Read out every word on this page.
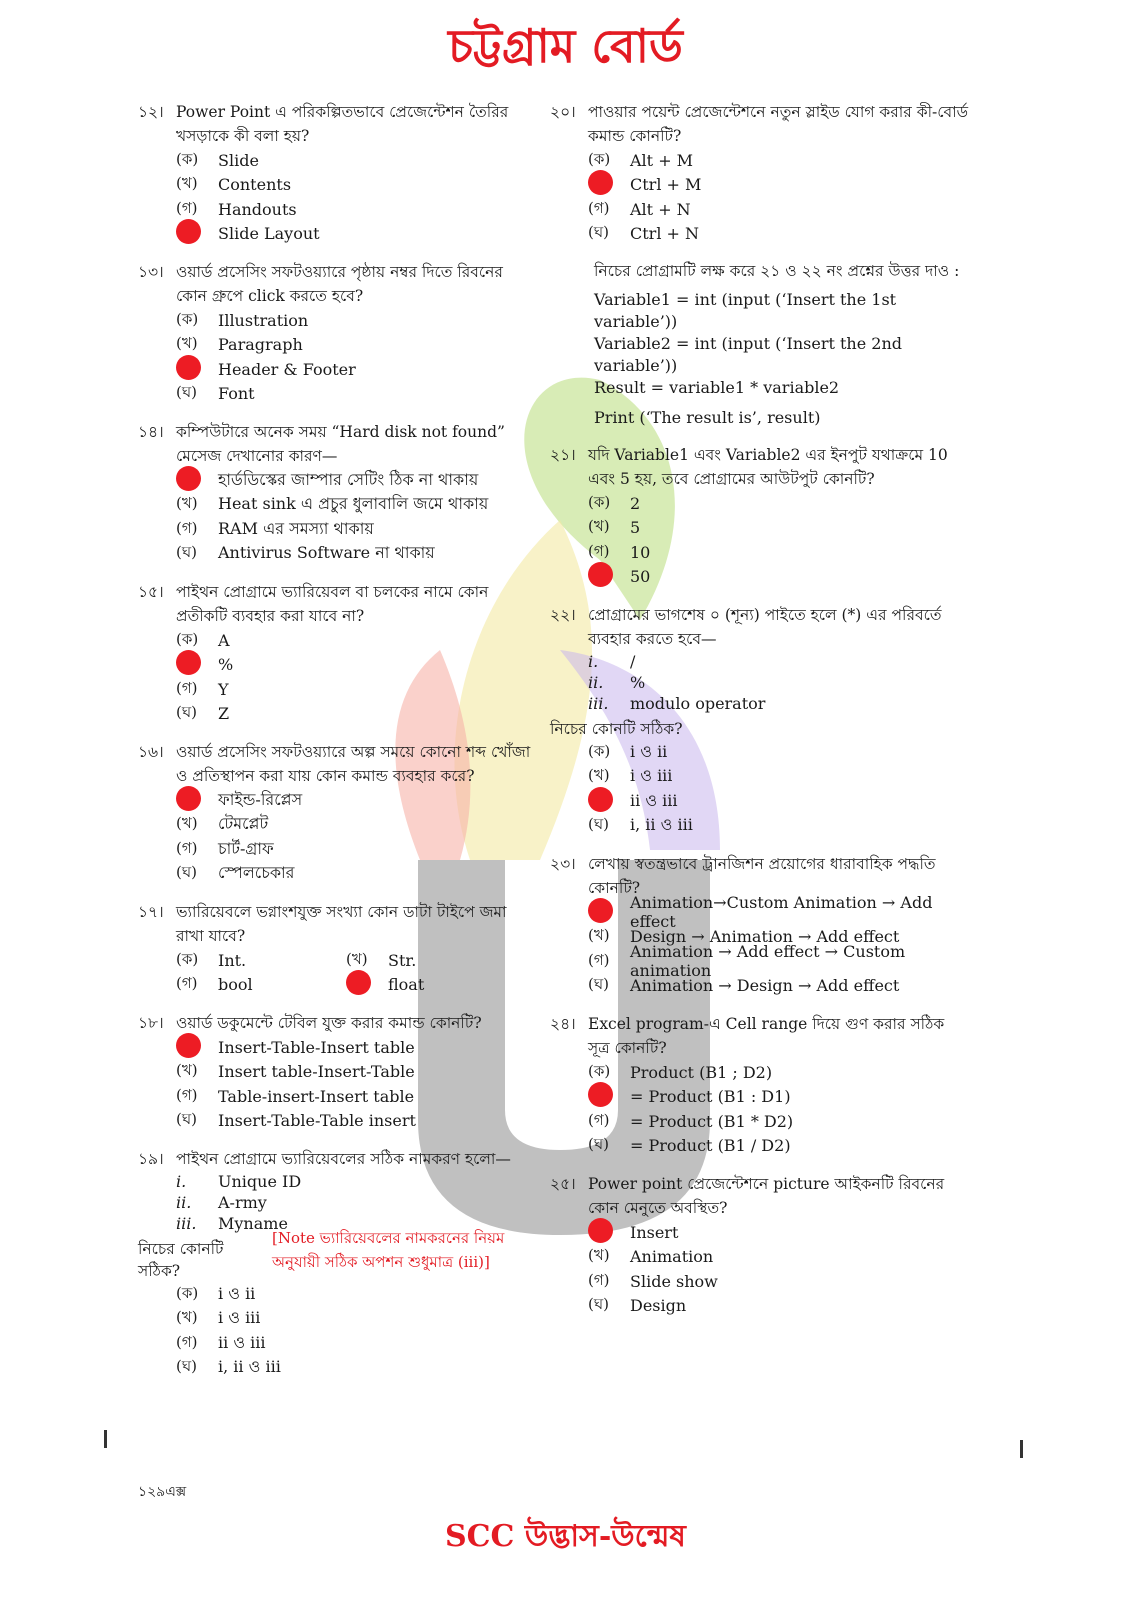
চট্টগ্রাম বোর্ড
১২। Power Point এ পরিকল্পিতভাবে প্রেজেন্টেশন তৈরির খসড়াকে কী বলা হয়?
(ক)	Slide
(খ)	Contents
(গ)	Handouts
Slide Layout
১৩। ওয়ার্ড প্রসেসিং সফটওয়্যারে পৃষ্ঠায় নম্বর দিতে রিবনের কোন গ্রুপে click করতে হবে?
(ক)	Illustration
(খ)	Paragraph
Header & Footer
(ঘ)	Font
১৪। কম্পিউটারে অনেক সময় “Hard disk not found” মেসেজ দেখানোর কারণ—
হার্ডডিস্কের জাম্পার সেটিং ঠিক না থাকায়
(খ)	Heat sink এ প্রচুর ধুলাবালি জমে থাকায়
(গ)	RAM এর সমস্যা থাকায়
(ঘ)	Antivirus Software না থাকায়
১৫। পাইথন প্রোগ্রামে ভ্যারিয়েবল বা চলকের নামে কোন প্রতীকটি ব্যবহার করা যাবে না?
(ক)	A
%
(গ)	Y
(ঘ)	Z
১৬। ওয়ার্ড প্রসেসিং সফটওয়্যারে অল্প সময়ে কোনো শব্দ খোঁজা ও প্রতিস্থাপন করা যায় কোন কমান্ড ব্যবহার করে?
ফাইন্ড-রিপ্লেস
(খ)	টেমপ্লেট
(গ)	চার্ট-গ্রাফ
(ঘ)	স্পেলচেকার
১৭। ভ্যারিয়েবলে ভগ্নাংশযুক্ত সংখ্যা কোন ডাটা টাইপে জমা রাখা যাবে?
(ক)	Int.	(খ)	Str.
(গ)	bool	float
১৮। ওয়ার্ড ডকুমেন্টে টেবিল যুক্ত করার কমান্ড কোনটি?
Insert-Table-Insert table
(খ)	Insert table-Insert-Table
(গ)	Table-insert-Insert table
(ঘ)	Insert-Table-Table insert
১৯। পাইথন প্রোগ্রামে ভ্যারিয়েবলের সঠিক নামকরণ হলো—
i.	Unique ID
ii.	A-rmy
iii.	Myname
নিচের কোনটি সঠিক?
(ক)	i ও ii
(খ)	i ও iii
(গ)	ii ও iii
(ঘ)	i, ii ও iii
২০। পাওয়ার পয়েন্ট প্রেজেন্টেশনে নতুন স্লাইড যোগ করার কী-বোর্ড কমান্ড কোনটি?
(ক)	Alt + M
Ctrl + M
(গ)	Alt + N
(ঘ)	Ctrl + N
নিচের প্রোগ্রামটি লক্ষ করে ২১ ও ২২ নং প্রশ্নের উত্তর দাও :
Variable1 = int (input (‘Insert the 1st variable’))
Variable2 = int (input (‘Insert the 2nd variable’))
Result = variable1 * variable2
Print (‘The result is’, result)
২১। যদি Variable1 এবং Variable2 এর ইনপুট যথাক্রমে 10 এবং 5 হয়, তবে প্রোগ্রামের আউটপুট কোনটি?
(ক)	2
(খ)	5
(গ)	10
50
২২। প্রোগ্রামের ভাগশেষ ০ (শূন্য) পাইতে হলে (*) এর পরিবর্তে ব্যবহার করতে হবে—
i.	/
ii.	%
iii.	modulo operator
নিচের কোনটি সঠিক?
(ক)	i ও ii
(খ)	i ও iii
ii ও iii
(ঘ)	i, ii ও iii
২৩। লেখায় স্বতন্ত্রভাবে ট্রানজিশন প্রয়োগের ধারাবাহিক পদ্ধতি কোনটি?
Animation→Custom Animation → Add effect
(খ)	Design → Animation → Add effect
(গ)	Animation → Add effect → Custom animation
(ঘ)	Animation → Design → Add effect
২৪। Excel program-এ Cell range দিয়ে গুণ করার সঠিক সূত্র কোনটি?
(ক)	Product (B1 ; D2)
= Product (B1 : D1)
(গ)	= Product (B1 * D2)
(ঘ)	= Product (B1 / D2)
২৫। Power point প্রেজেন্টেশনে picture আইকনটি রিবনের কোন মেনুতে অবস্থিত?
Insert
(খ)	Animation
(গ)	Slide show
(ঘ)	Design
[Note ভ্যারিয়েবলের নামকরনের নিয়ম অনুযায়ী সঠিক অপশন শুধুমাত্র (iii)]
১২৯এক্স
SCC উদ্ভাস-উন্মেষ
